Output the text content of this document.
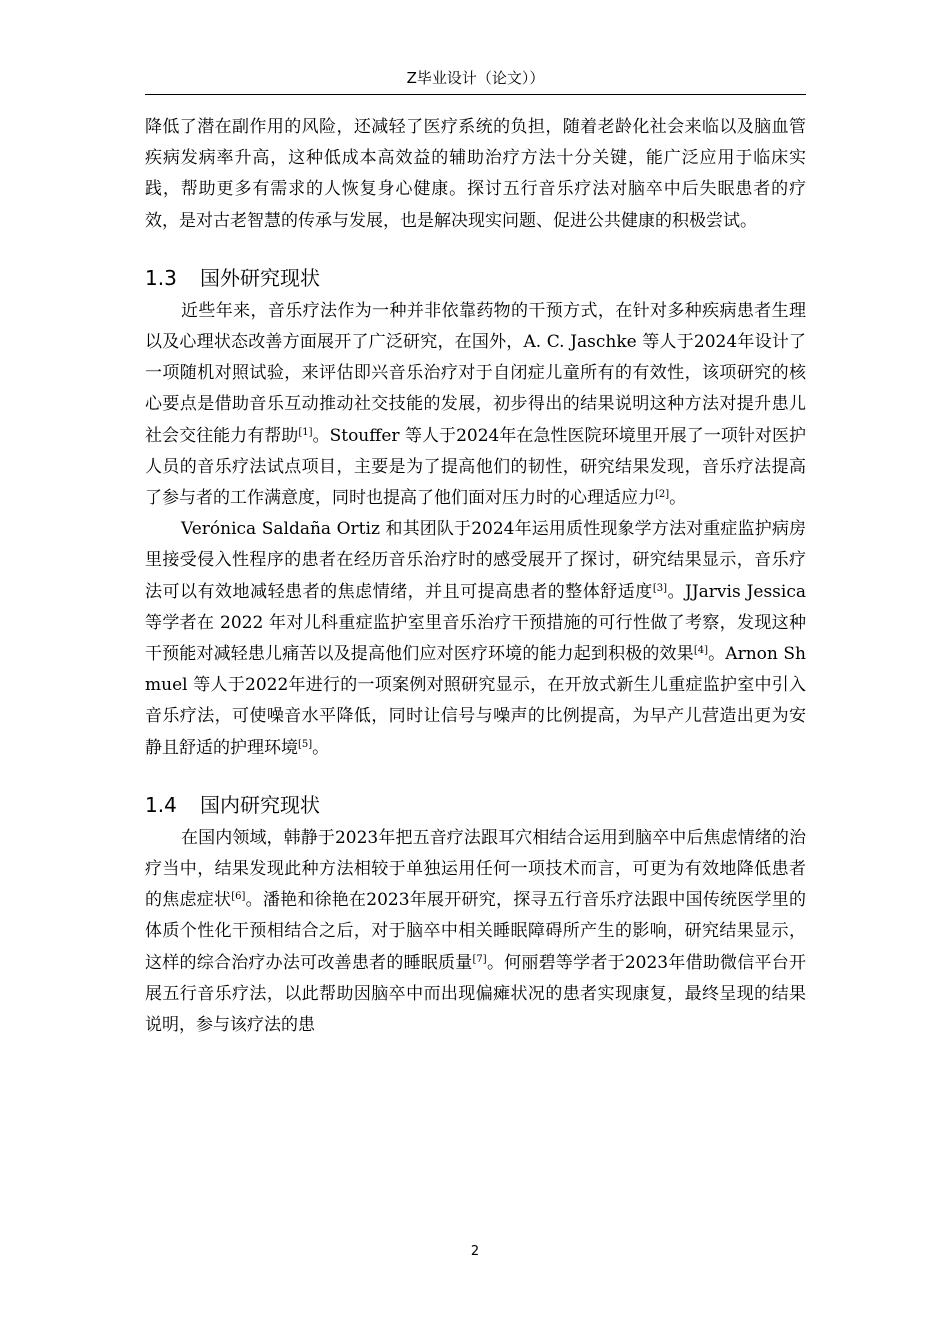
Z毕业设计（论文））

降低了潜在副作用的风险，还减轻了医疗系统的负担，随着老龄化社会来临以及脑血管疾病发病率升高，这种低成本高效益的辅助治疗方法十分关键，能广泛应用于临床实践，帮助更多有需求的人恢复身心健康。探讨五行音乐疗法对脑卒中后失眠患者的疗效，是对古老智慧的传承与发展，也是解决现实问题、促进公共健康的积极尝试。

1.3 国外研究现状

近些年来，音乐疗法作为一种并非依靠药物的干预方式，在针对多种疾病患者生理以及心理状态改善方面展开了广泛研究，在国外，A. C. Jaschke 等人于2024年设计了一项随机对照试验，来评估即兴音乐治疗对于自闭症儿童所有的有效性，该项研究的核心要点是借助音乐互动推动社交技能的发展，初步得出的结果说明这种方法对提升患儿社会交往能力有帮助[1]。Stouffer 等人于2024年在急性医院环境里开展了一项针对医护人员的音乐疗法试点项目，主要是为了提高他们的韧性，研究结果发现，音乐疗法提高了参与者的工作满意度，同时也提高了他们面对压力时的心理适应力[2]。

Verónica Saldaña Ortiz 和其团队于2024年运用质性现象学方法对重症监护病房里接受侵入性程序的患者在经历音乐治疗时的感受展开了探讨，研究结果显示，音乐疗法可以有效地减轻患者的焦虑情绪，并且可提高患者的整体舒适度[3]。JJarvis Jessica 等学者在 2022 年对儿科重症监护室里音乐治疗干预措施的可行性做了考察，发现这种干预能对减轻患儿痛苦以及提高他们应对医疗环境的能力起到积极的效果[4]。Arnon Shmuel 等人于2022年进行的一项案例对照研究显示，在开放式新生儿重症监护室中引入音乐疗法，可使噪音水平降低，同时让信号与噪声的比例提高，为早产儿营造出更为安静且舒适的护理环境[5]。

1.4 国内研究现状

在国内领域，韩静于2023年把五音疗法跟耳穴相结合运用到脑卒中后焦虑情绪的治疗当中，结果发现此种方法相较于单独运用任何一项技术而言，可更为有效地降低患者的焦虑症状[6]。潘艳和徐艳在2023年展开研究，探寻五行音乐疗法跟中国传统医学里的体质个性化干预相结合之后，对于脑卒中相关睡眠障碍所产生的影响，研究结果显示，这样的综合治疗办法可改善患者的睡眠质量[7]。何丽碧等学者于2023年借助微信平台开展五行音乐疗法，以此帮助因脑卒中而出现偏瘫状况的患者实现康复，最终呈现的结果说明，参与该疗法的患

2
